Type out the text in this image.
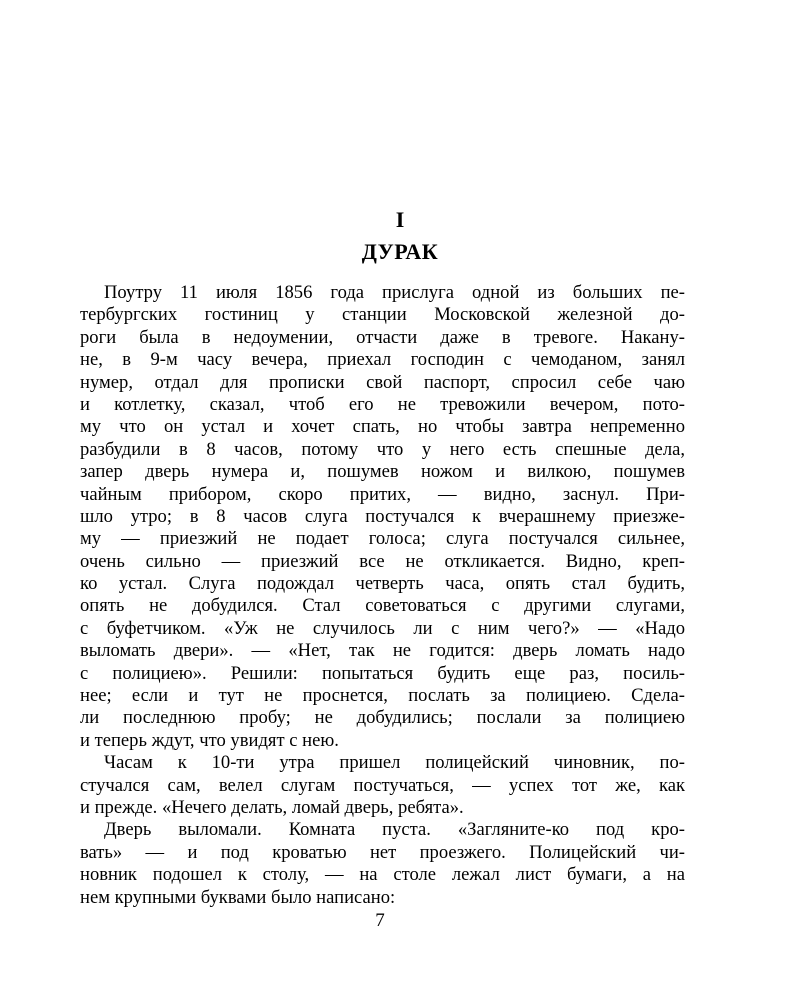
I
ДУРАК
Поутру 11 июля 1856 года прислуга одной из больших пе-
тербургских гостиниц у станции Московской железной до-
роги была в недоумении, отчасти даже в тревоге. Накану-
не, в 9-м часу вечера, приехал господин с чемоданом, занял
нумер, отдал для прописки свой паспорт, спросил себе чаю
и котлетку, сказал, чтоб его не тревожили вечером, пото-
му что он устал и хочет спать, но чтобы завтра непременно
разбудили в 8 часов, потому что у него есть спешные дела,
запер дверь нумера и, пошумев ножом и вилкою, пошумев
чайным прибором, скоро притих, — видно, заснул. При-
шло утро; в 8 часов слуга постучался к вчерашнему приезже-
му — приезжий не подает голоса; слуга постучался сильнее,
очень сильно — приезжий все не откликается. Видно, креп-
ко устал. Слуга подождал четверть часа, опять стал будить,
опять не добудился. Стал советоваться с другими слугами,
с буфетчиком. «Уж не случилось ли с ним чего?» — «Надо
выломать двери». — «Нет, так не годится: дверь ломать надо
с полициею». Решили: попытаться будить еще раз, посиль-
нее; если и тут не проснется, послать за полициею. Сдела-
ли последнюю пробу; не добудились; послали за полициею
и теперь ждут, что увидят с нею.
Часам к 10-ти утра пришел полицейский чиновник, по-
стучался сам, велел слугам постучаться, — успех тот же, как
и прежде. «Нечего делать, ломай дверь, ребята».
Дверь выломали. Комната пуста. «Загляните-ко под кро-
вать» — и под кроватью нет проезжего. Полицейский чи-
новник подошел к столу, — на столе лежал лист бумаги, а на
нем крупными буквами было написано:
7
